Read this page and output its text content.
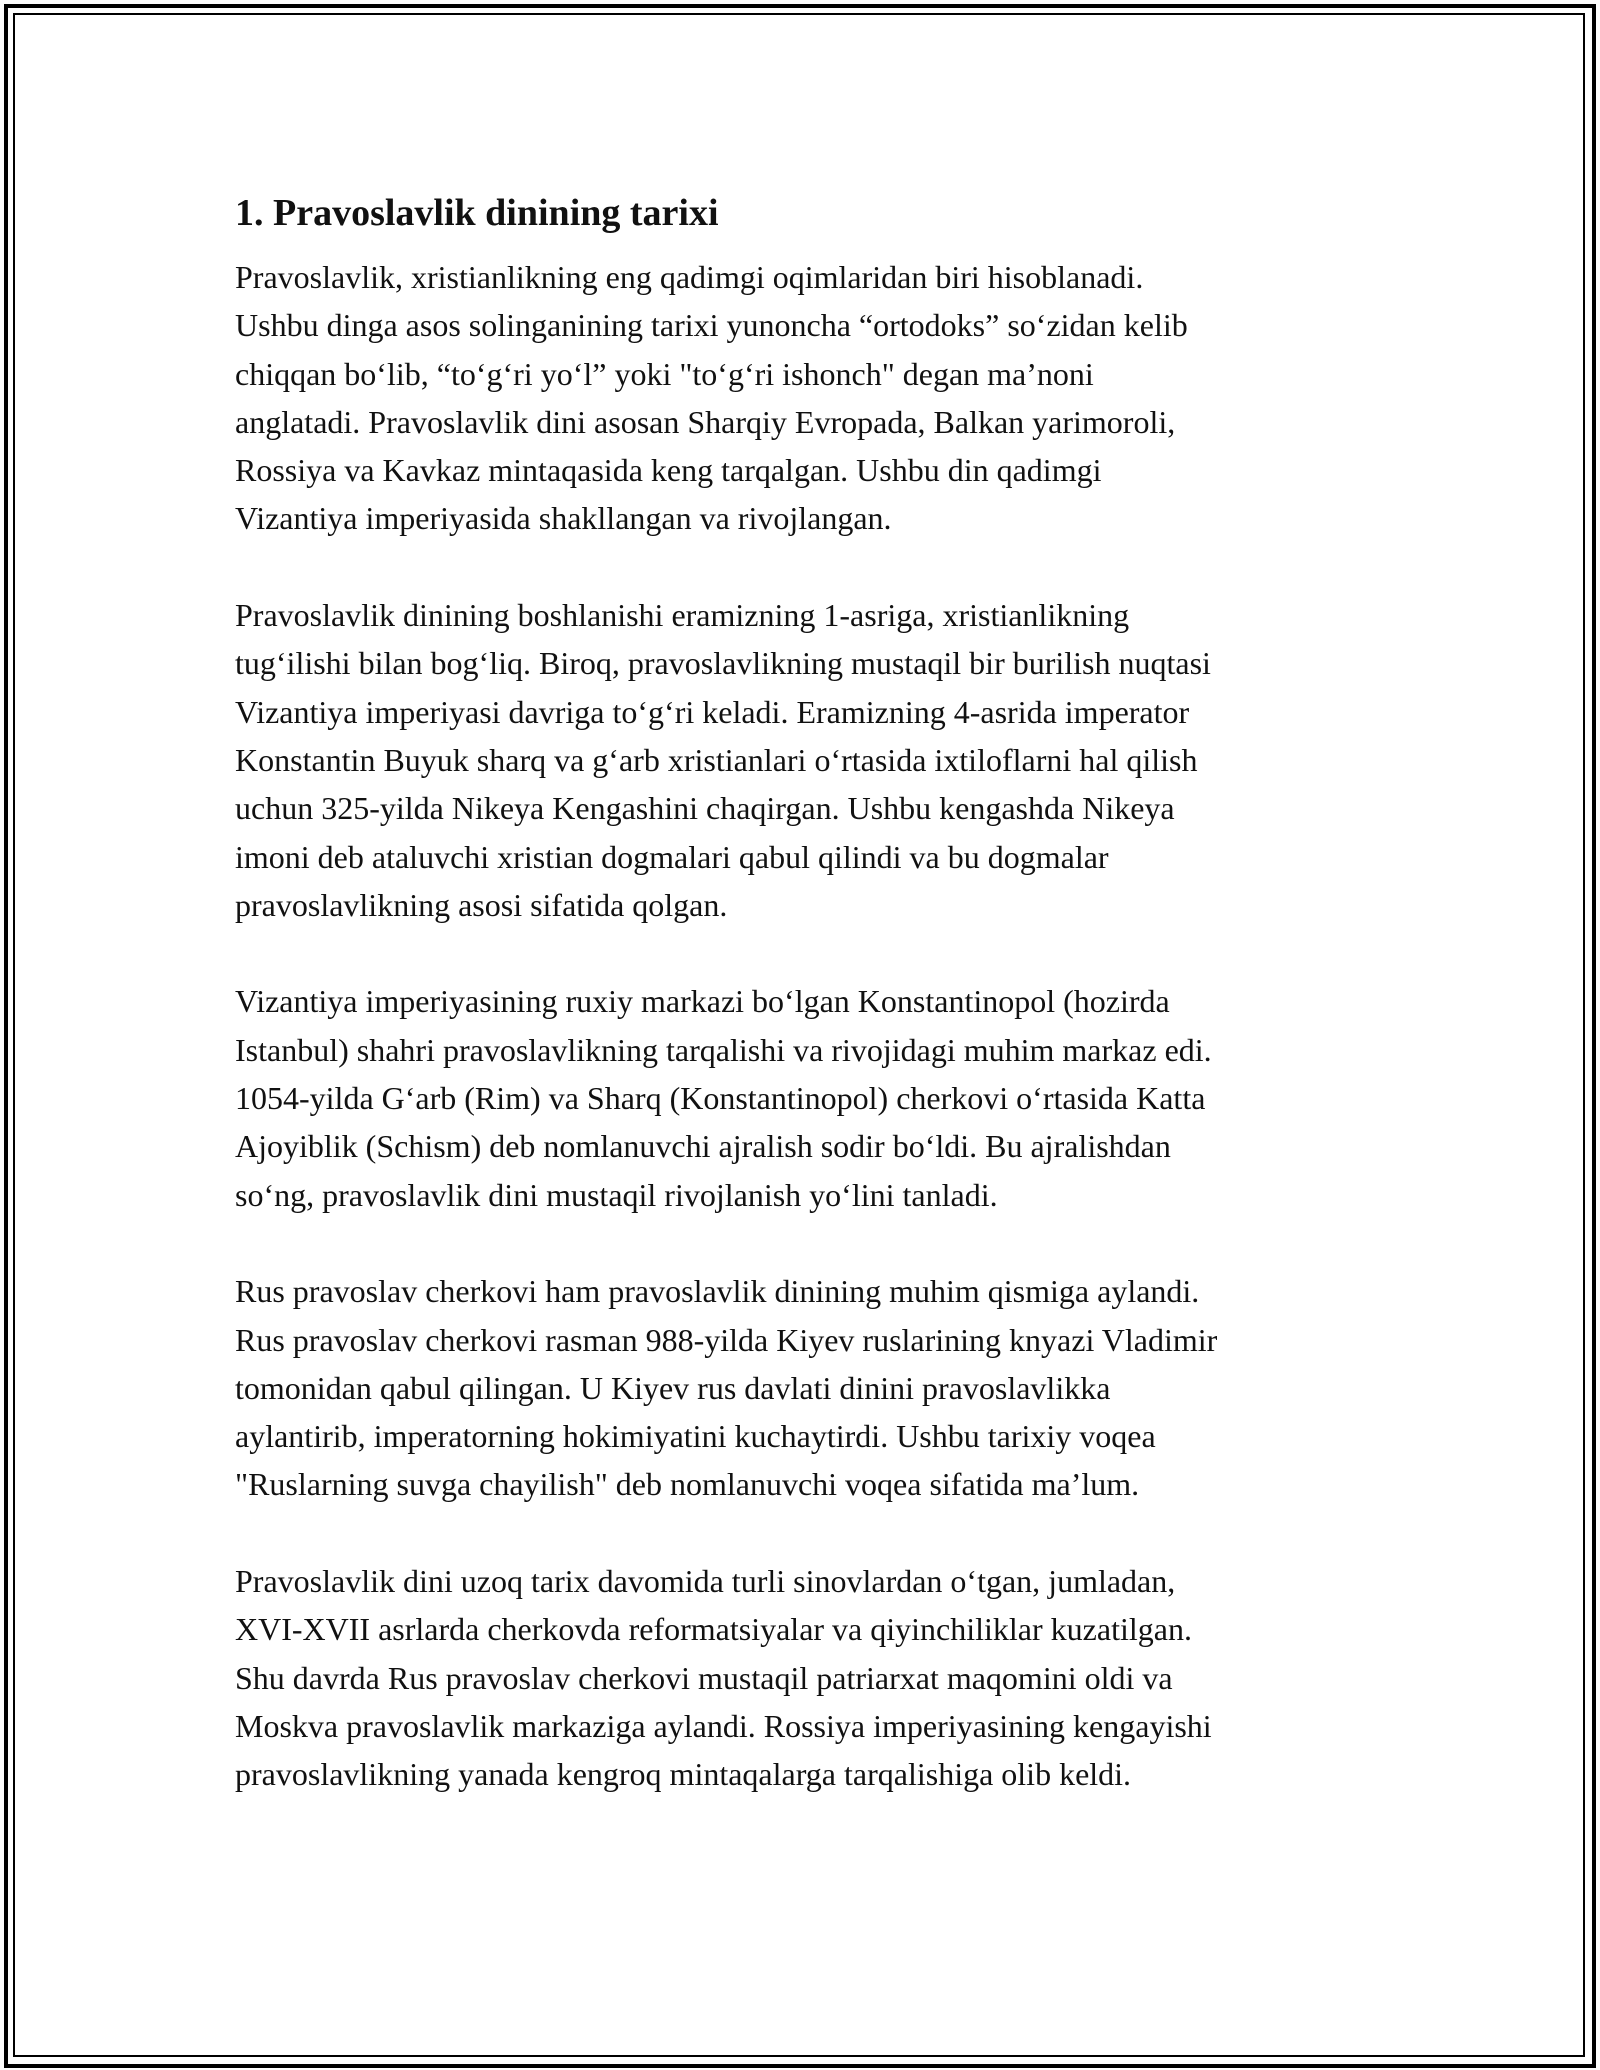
1. Pravoslavlik dinining tarixi

Pravoslavlik, xristianlikning eng qadimgi oqimlaridan biri hisoblanadi.
Ushbu dinga asos solinganining tarixi yunoncha “ortodoks” so‘zidan kelib
chiqqan bo‘lib, “to‘g‘ri yo‘l” yoki "to‘g‘ri ishonch" degan ma’noni
anglatadi. Pravoslavlik dini asosan Sharqiy Evropada, Balkan yarimoroli,
Rossiya va Kavkaz mintaqasida keng tarqalgan. Ushbu din qadimgi
Vizantiya imperiyasida shakllangan va rivojlangan.

Pravoslavlik dinining boshlanishi eramizning 1-asriga, xristianlikning
tug‘ilishi bilan bog‘liq. Biroq, pravoslavlikning mustaqil bir burilish nuqtasi
Vizantiya imperiyasi davriga to‘g‘ri keladi. Eramizning 4-asrida imperator
Konstantin Buyuk sharq va g‘arb xristianlari o‘rtasida ixtiloflarni hal qilish
uchun 325-yilda Nikeya Kengashini chaqirgan. Ushbu kengashda Nikeya
imoni deb ataluvchi xristian dogmalari qabul qilindi va bu dogmalar
pravoslavlikning asosi sifatida qolgan.

Vizantiya imperiyasining ruxiy markazi bo‘lgan Konstantinopol (hozirda
Istanbul) shahri pravoslavlikning tarqalishi va rivojidagi muhim markaz edi.
1054-yilda G‘arb (Rim) va Sharq (Konstantinopol) cherkovi o‘rtasida Katta
Ajoyiblik (Schism) deb nomlanuvchi ajralish sodir bo‘ldi. Bu ajralishdan
so‘ng, pravoslavlik dini mustaqil rivojlanish yo‘lini tanladi.

Rus pravoslav cherkovi ham pravoslavlik dinining muhim qismiga aylandi.
Rus pravoslav cherkovi rasman 988-yilda Kiyev ruslarining knyazi Vladimir
tomonidan qabul qilingan. U Kiyev rus davlati dinini pravoslavlikka
aylantirib, imperatorning hokimiyatini kuchaytirdi. Ushbu tarixiy voqea
"Ruslarning suvga chayilish" deb nomlanuvchi voqea sifatida ma’lum.

Pravoslavlik dini uzoq tarix davomida turli sinovlardan o‘tgan, jumladan,
XVI-XVII asrlarda cherkovda reformatsiyalar va qiyinchiliklar kuzatilgan.
Shu davrda Rus pravoslav cherkovi mustaqil patriarxat maqomini oldi va
Moskva pravoslavlik markaziga aylandi. Rossiya imperiyasining kengayishi
pravoslavlikning yanada kengroq mintaqalarga tarqalishiga olib keldi.
